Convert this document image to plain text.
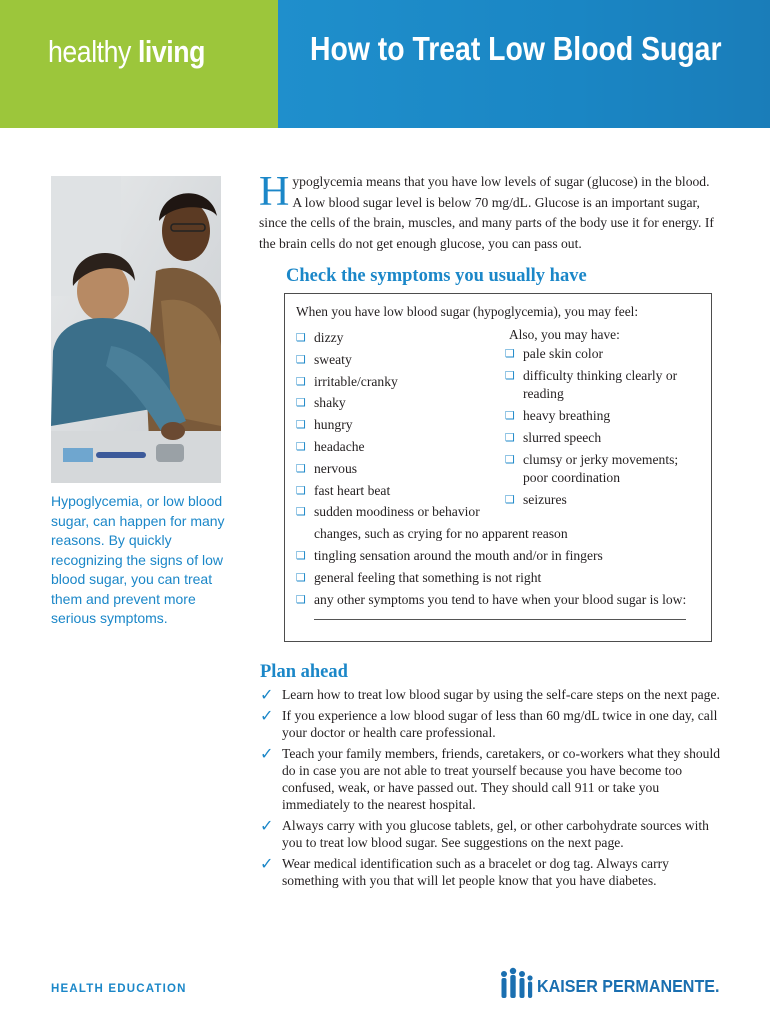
healthy living	How to Treat Low Blood Sugar
Hypoglycemia, or low blood sugar, can happen for many reasons. By quickly recognizing the signs of low blood sugar, you can treat them and prevent more serious symptoms.
Hypoglycemia means that you have low levels of sugar (glucose) in the blood. A low blood sugar level is below 70 mg/dL. Glucose is an important sugar, since the cells of the brain, muscles, and many parts of the body use it for energy. If the brain cells do not get enough glucose, you can pass out.
Check the symptoms you usually have
When you have low blood sugar (hypoglycemia), you may feel:
❑ dizzy
❑ sweaty
❑ irritable/cranky
❑ shaky
❑ hungry
❑ headache
❑ nervous
❑ fast heart beat
❑ sudden moodiness or behavior
changes, such as crying for no apparent reason
❑ tingling sensation around the mouth and/or in fingers
❑ general feeling that something is not right
❑ any other symptoms you tend to have when your blood sugar is low:
Also, you may have:
❑ pale skin color
❑ difficulty thinking clearly or
reading
❑ heavy breathing
❑ slurred speech
❑ clumsy or jerky movements;
poor coordination
❑ seizures
Plan ahead
✓ Learn how to treat low blood sugar by using the self-care steps on the next page.
✓ If you experience a low blood sugar of less than 60 mg/dL twice in one day, call your doctor or health care professional.
✓ Teach your family members, friends, caretakers, or co-workers what they should do in case you are not able to treat yourself because you have become too confused, weak, or have passed out. They should call 911 or take you immediately to the nearest hospital.
✓ Always carry with you glucose tablets, gel, or other carbohydrate sources with you to treat low blood sugar. See suggestions on the next page.
✓ Wear medical identification such as a bracelet or dog tag. Always carry something with you that will let people know that you have diabetes.
HEALTH EDUCATION	KAISER PERMANENTE.
